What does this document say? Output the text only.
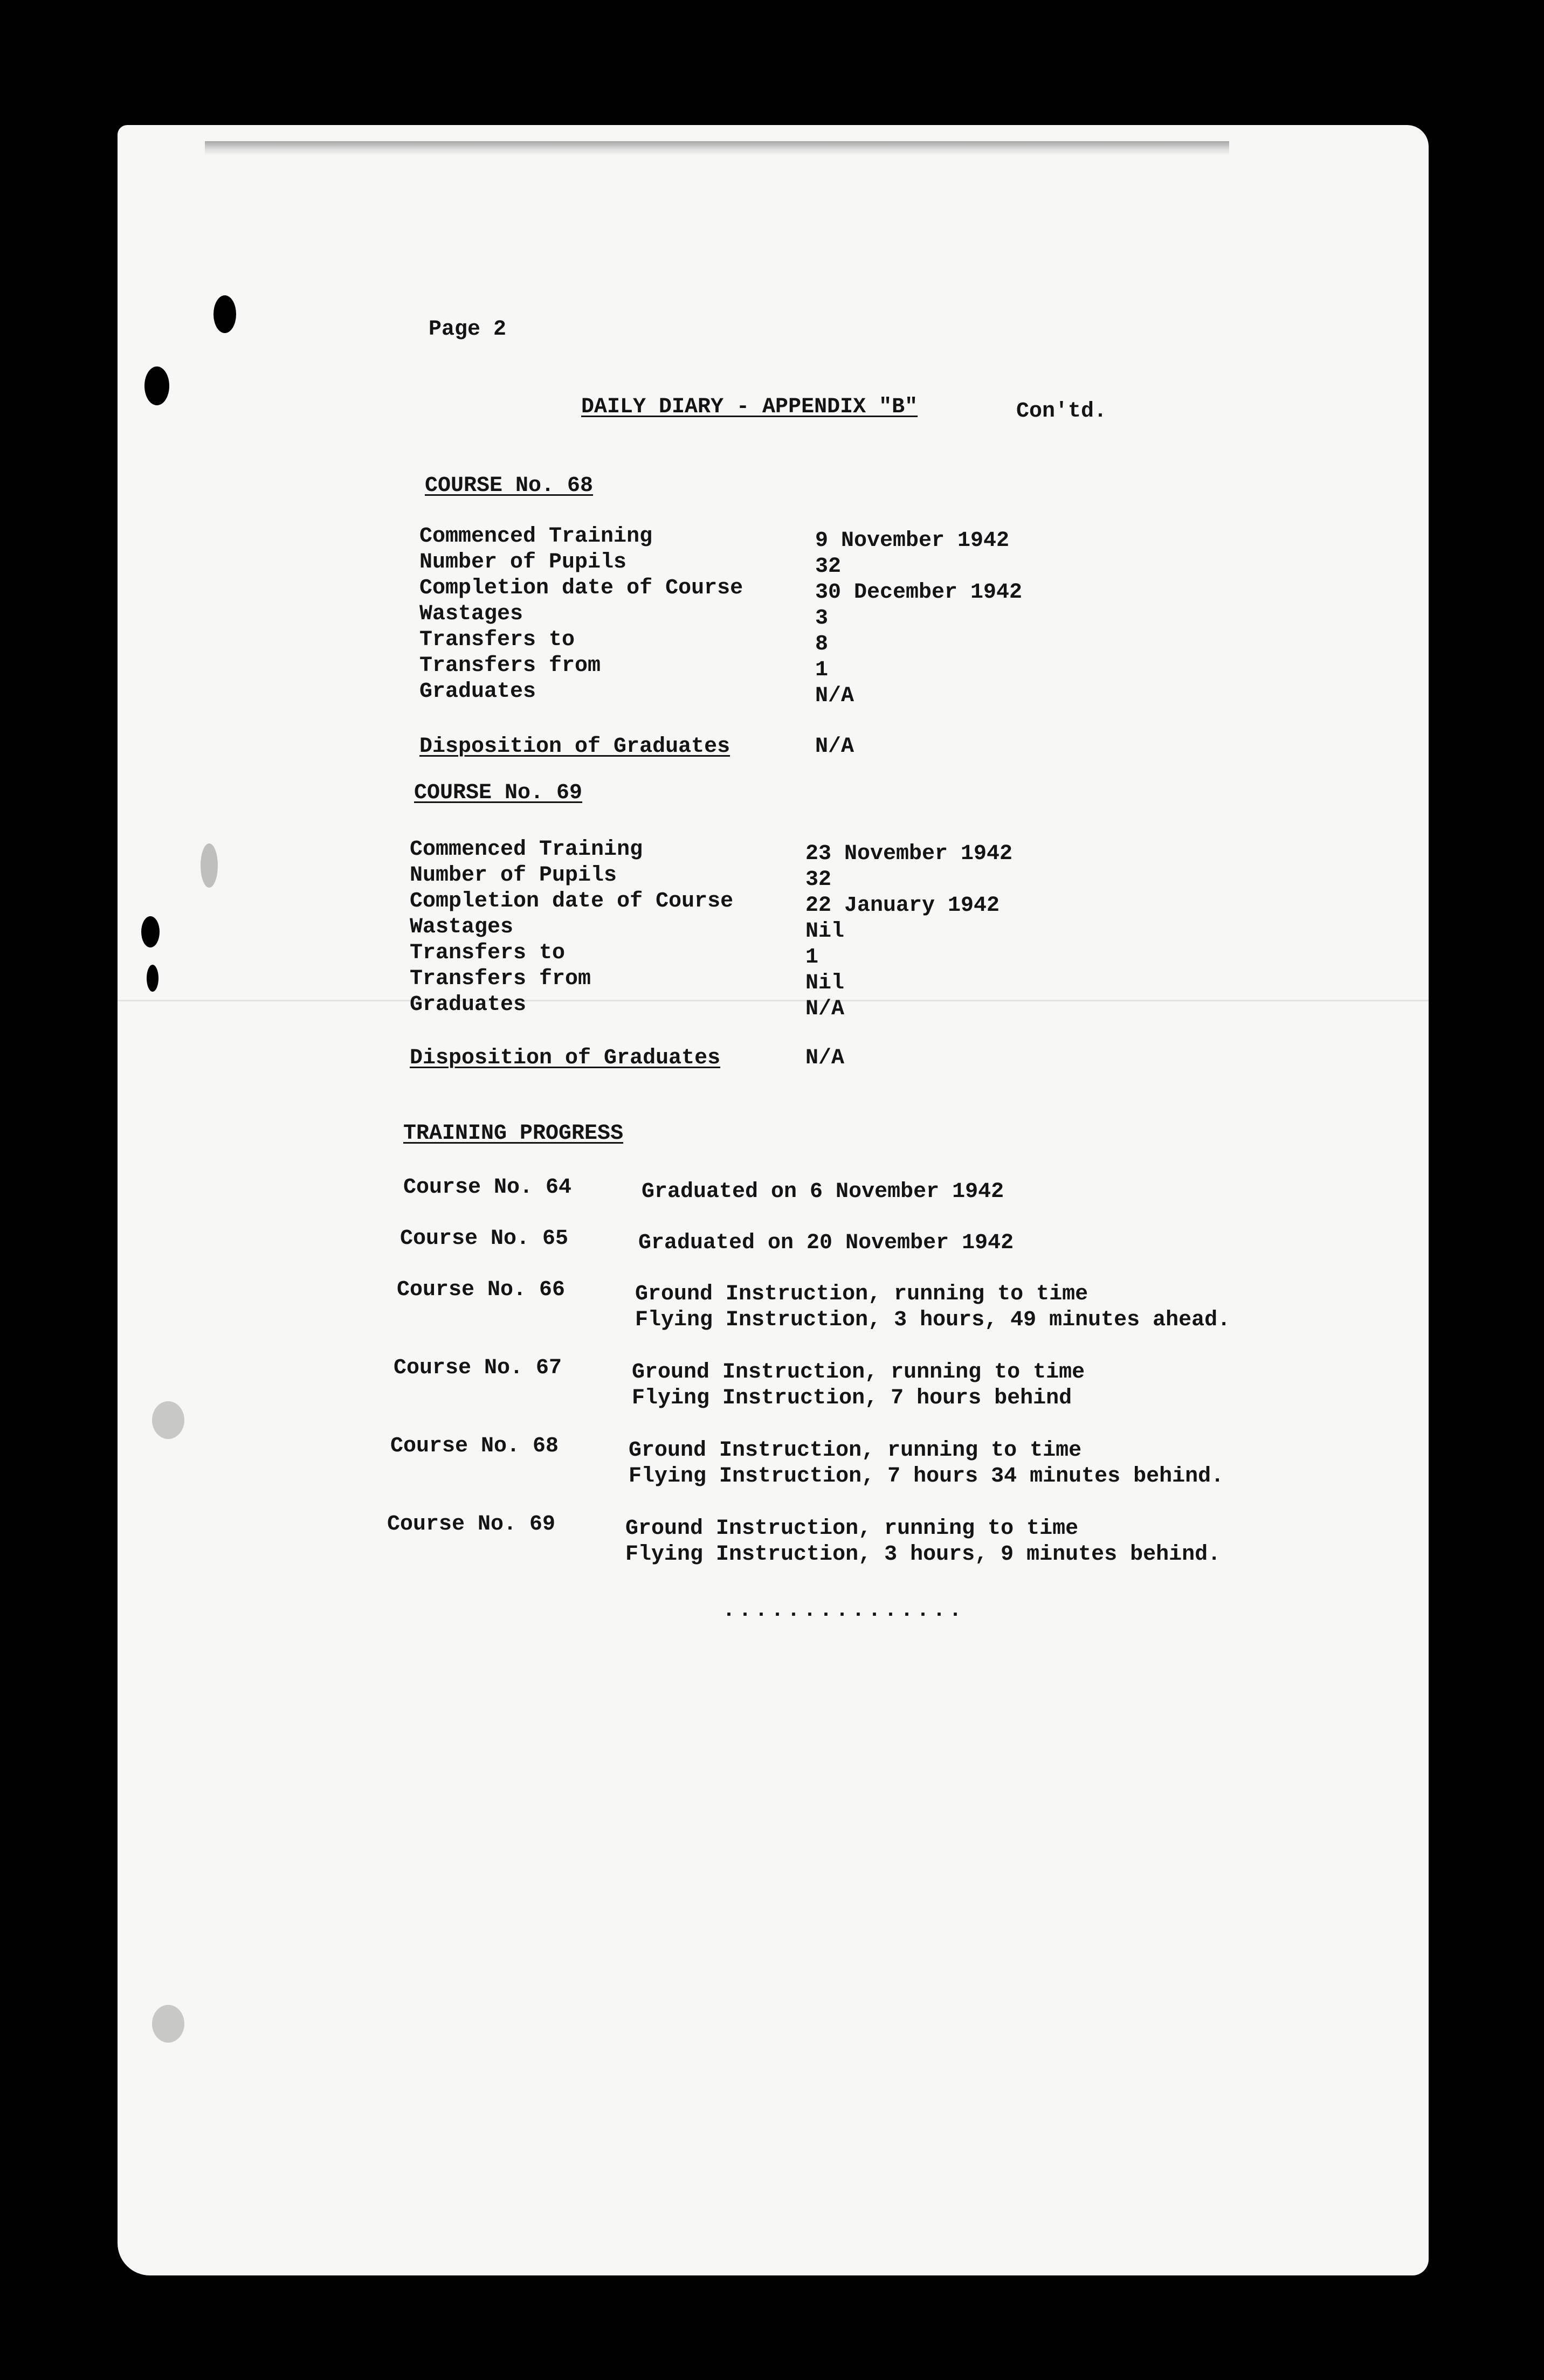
Page 2
DAILY DIARY - APPENDIX "B"	Con'td.
COURSE No. 68
Commenced Training	9 November 1942
Number of Pupils	32
Completion date of Course	30 December 1942
Wastages	3
Transfers to	8
Transfers from	1
Graduates	N/A
Disposition of Graduates	N/A
COURSE No. 69
Commenced Training	23 November 1942
Number of Pupils	32
Completion date of Course	22 January 1942
Wastages	Nil
Transfers to	1
Transfers from	Nil
Graduates	N/A
Disposition of Graduates	N/A
TRAINING PROGRESS
Course No. 64	Graduated on 6 November 1942
Course No. 65	Graduated on 20 November 1942
Course No. 66	Ground Instruction, running to time
Flying Instruction, 3 hours, 49 minutes ahead.
Course No. 67	Ground Instruction, running to time
Flying Instruction, 7 hours behind
Course No. 68	Ground Instruction, running to time
Flying Instruction, 7 hours 34 minutes behind.
Course No. 69	Ground Instruction, running to time
Flying Instruction, 3 hours, 9 minutes behind.
...............
